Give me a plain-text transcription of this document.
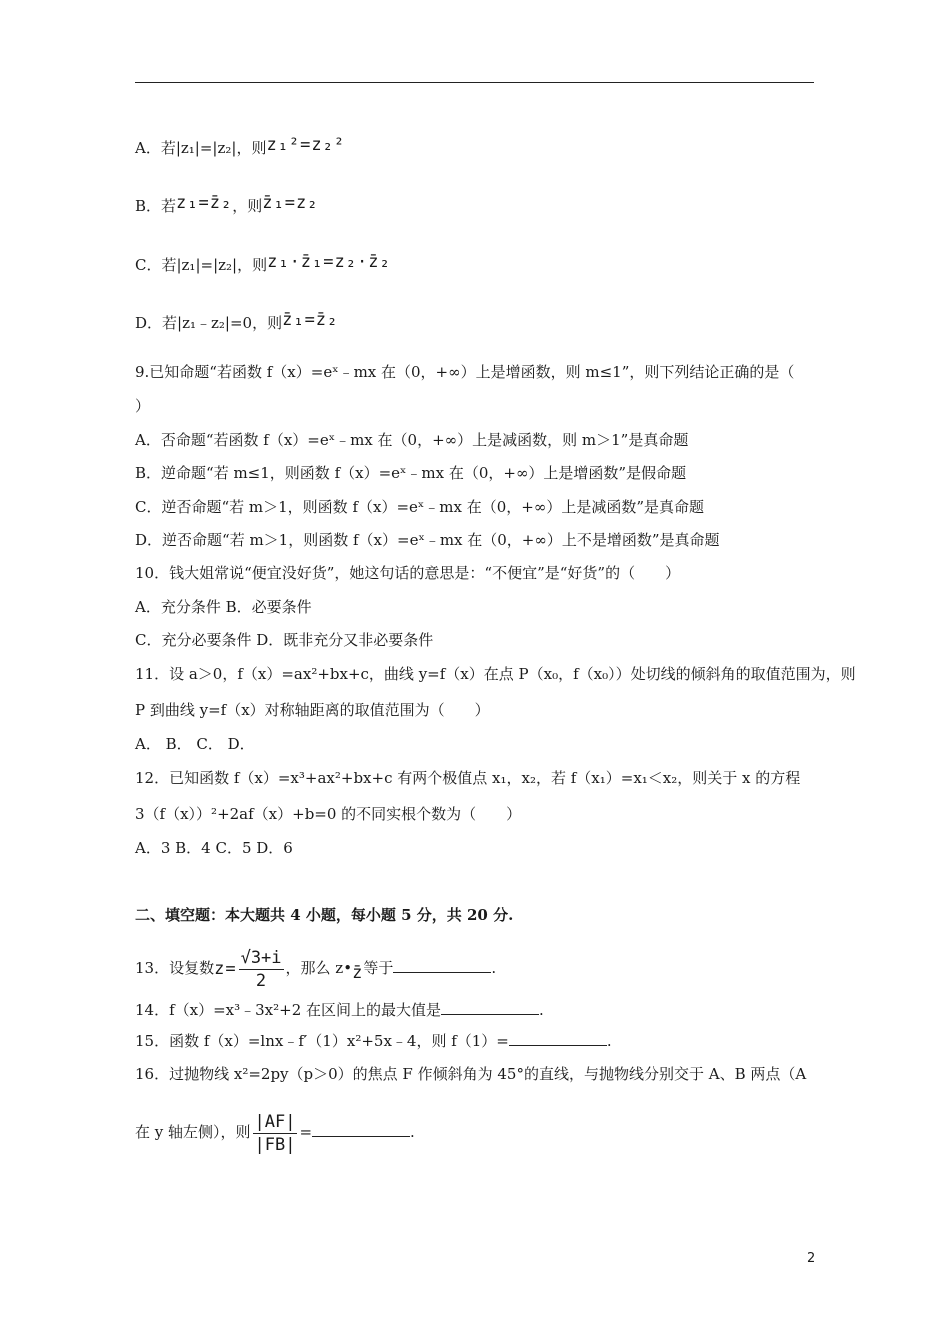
A．若|z₁|=|z₂|，则z₁²=z₂²
B．若z₁=z̄₂，则z̄₁=z₂
C．若|z₁|=|z₂|，则z₁·z̄₁=z₂·z̄₂
D．若|z₁﹣z₂|=0，则z̄₁=z̄₂
9.已知命题“若函数 f（x）=eˣ﹣mx 在（0，+∞）上是增函数，则 m≤1”，则下列结论正确的是（
）
A．否命题“若函数 f（x）=eˣ﹣mx 在（0，+∞）上是减函数，则 m＞1”是真命题
B．逆命题“若 m≤1，则函数 f（x）=eˣ﹣mx 在（0，+∞）上是增函数”是假命题
C．逆否命题“若 m＞1，则函数 f（x）=eˣ﹣mx 在（0，+∞）上是减函数”是真命题
D．逆否命题“若 m＞1，则函数 f（x）=eˣ﹣mx 在（0，+∞）上不是增函数”是真命题
10．钱大姐常说“便宜没好货”，她这句话的意思是：“不便宜”是“好货”的（　　）
A．充分条件 B．必要条件
C．充分必要条件 D．既非充分又非必要条件
11．设 a＞0，f（x）=ax²+bx+c，曲线 y=f（x）在点 P（x₀，f（x₀））处切线的倾斜角的取值范围为，则
P 到曲线 y=f（x）对称轴距离的取值范围为（　　）
A． B． C． D．
12．已知函数 f（x）=x³+ax²+bx+c 有两个极值点 x₁，x₂，若 f（x₁）=x₁＜x₂，则关于 x 的方程
3（f（x））²+2af（x）+b=0 的不同实根个数为（　　）
A．3 B．4 C．5 D．6
二、填空题：本大题共 4 小题，每小题 5 分，共 20 分.
13．设复数$z= \frac{√3+i}{2}$ ，那么 z•z̄等于	.
14．f（x）=x³﹣3x²+2 在区间上的最大值是	.
15．函数 f（x）=lnx﹣f′（1）x²+5x﹣4，则 f（1）=	.
16．过抛物线 x²=2py（p＞0）的焦点 F 作倾斜角为 45°的直线，与抛物线分别交于 A、B 两点（A
在 y 轴左侧），则 $\frac{|AF|}{|FB|}$ =	.
2
